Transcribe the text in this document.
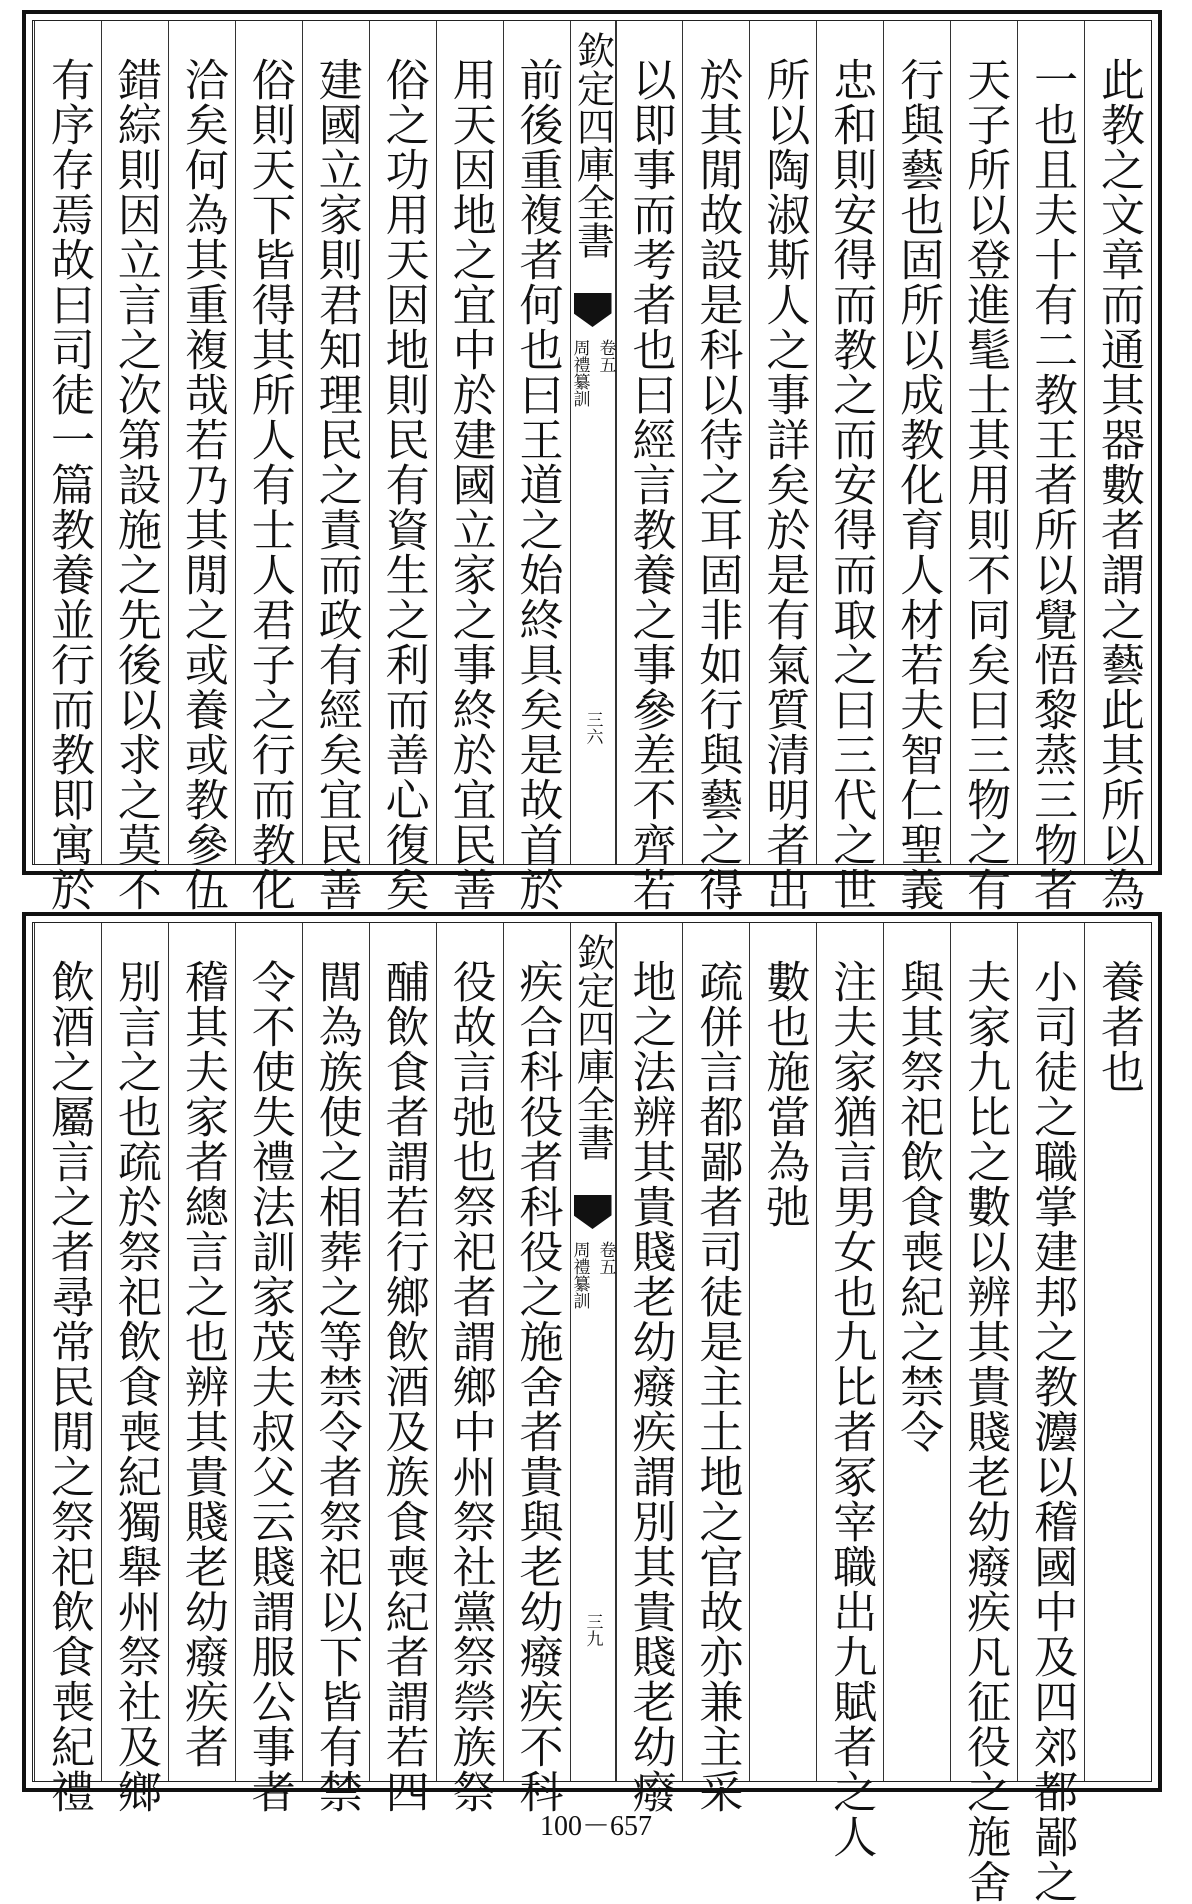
此教之文章而通其器數者謂之藝此其所以為
一也且夫十有二教王者所以覺悟黎蒸三物者
天子所以登進髦士其用則不同矣曰三物之有
行與藝也固所以成教化育人材若夫智仁聖義
忠和則安得而教之而安得而取之曰三代之世
所以陶淑斯人之事詳矣於是有氣質清明者出
於其閒故設是科以待之耳固非如行與藝之得
以即事而考者也曰經言教養之事參差不齊若
前後重複者何也曰王道之始終具矣是故首於
用天因地之宜中於建國立家之事終於宜民善
俗之功用天因地則民有資生之利而善心復矣
建國立家則君知理民之責而政有經矣宜民善
俗則天下皆得其所人有士人君子之行而教化
洽矣何為其重複哉若乃其閒之或養或教參伍
錯綜則因立言之次第設施之先後以求之莫不
有序存焉故曰司徒一篇教養並行而教即寓於	欽定四庫全書
周禮纂訓 卷五
三六
養者也
小司徒之職掌建邦之教灋以稽國中及四郊都鄙之
夫家九比之數以辨其貴賤老幼癈疾凡征役之施舍
與其祭祀飲食喪紀之禁令
注夫家猶言男女也九比者冢宰職出九賦者之人
數也施當為弛
疏併言都鄙者司徒是主土地之官故亦兼主采
地之法辨其貴賤老幼癈疾謂別其貴賤老幼癈
疾合科役者科役之施舍者貴與老幼癈疾不科
役故言弛也祭祀者謂鄉中州祭社黨祭禜族祭
酺飲食者謂若行鄉飲酒及族食喪紀者謂若四
閭為族使之相葬之等禁令者祭祀以下皆有禁
令不使失禮法訓家茂夫叔父云賤謂服公事者
稽其夫家者總言之也辨其貴賤老幼癈疾者
別言之也疏於祭祀飲食喪紀獨舉州祭社及鄉
飲酒之屬言之者尋常民閒之祭祀飲食喪紀禮	欽定四庫全書
周禮纂訓 卷五
三九
100－657
